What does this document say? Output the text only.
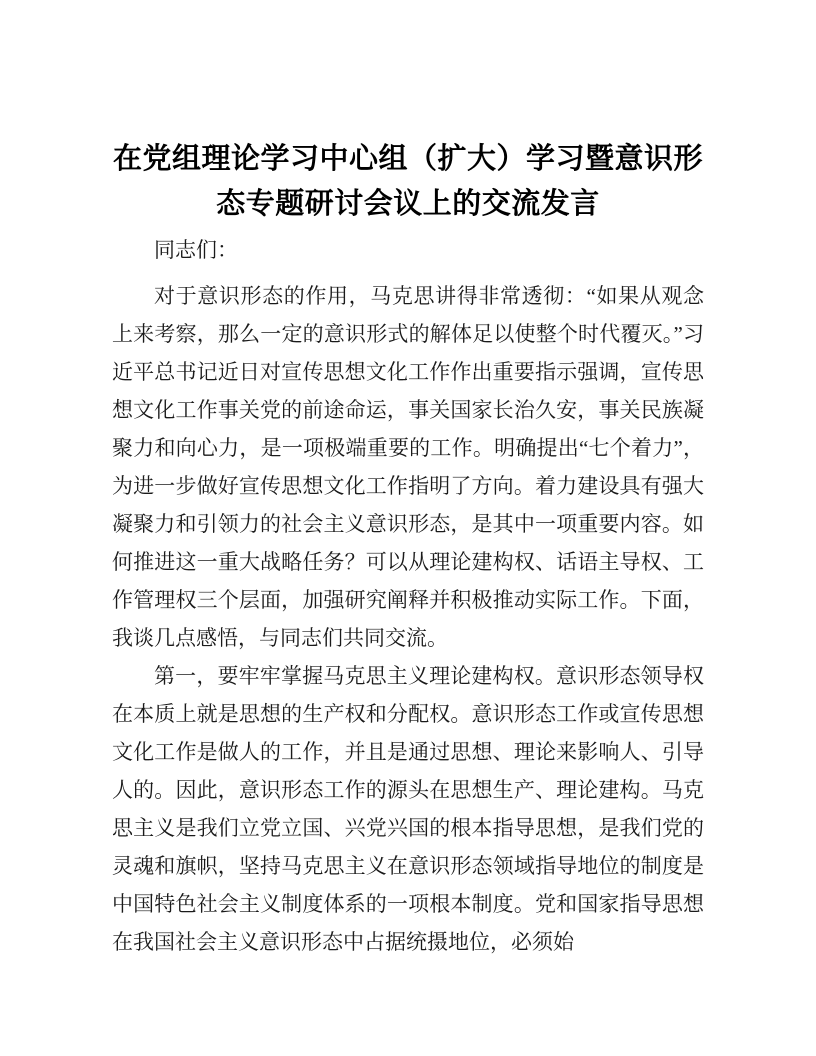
在党组理论学习中心组（扩大）学习暨意识形
态专题研讨会议上的交流发言

同志们：

对于意识形态的作用，马克思讲得非常透彻：“如果从观念上来考察，那么一定的意识形式的解体足以使整个时代覆灭。”习近平总书记近日对宣传思想文化工作作出重要指示强调，宣传思想文化工作事关党的前途命运，事关国家长治久安，事关民族凝聚力和向心力，是一项极端重要的工作。明确提出“七个着力”，为进一步做好宣传思想文化工作指明了方向。着力建设具有强大凝聚力和引领力的社会主义意识形态，是其中一项重要内容。如何推进这一重大战略任务？可以从理论建构权、话语主导权、工作管理权三个层面，加强研究阐释并积极推动实际工作。下面，我谈几点感悟，与同志们共同交流。

第一，要牢牢掌握马克思主义理论建构权。意识形态领导权在本质上就是思想的生产权和分配权。意识形态工作或宣传思想文化工作是做人的工作，并且是通过思想、理论来影响人、引导人的。因此，意识形态工作的源头在思想生产、理论建构。马克思主义是我们立党立国、兴党兴国的根本指导思想，是我们党的灵魂和旗帜，坚持马克思主义在意识形态领域指导地位的制度是中国特色社会主义制度体系的一项根本制度。党和国家指导思想在我国社会主义意识形态中占据统摄地位，必须始
